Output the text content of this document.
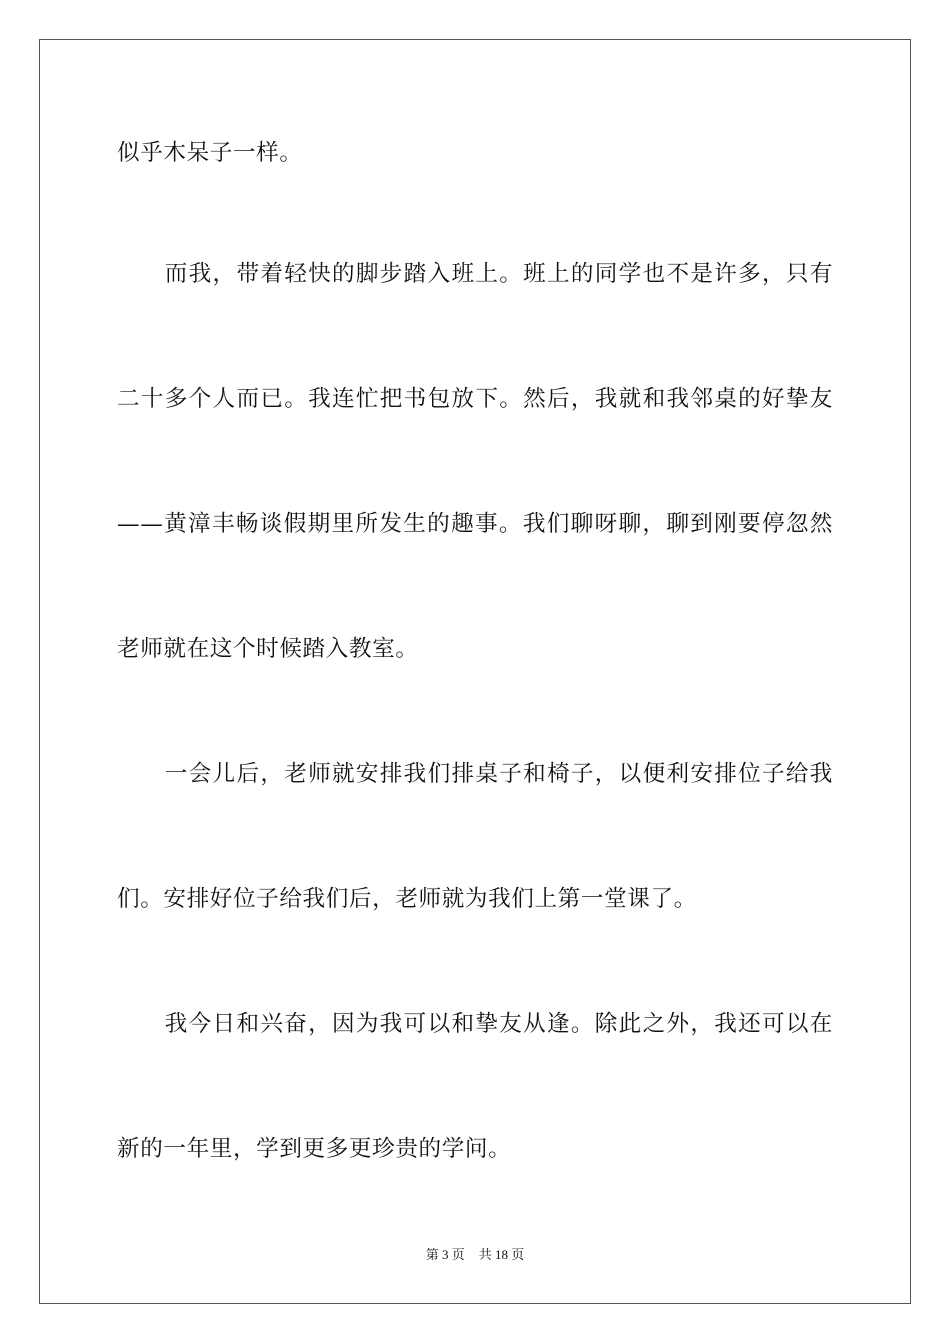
似乎木呆子一样。
　　而我，带着轻快的脚步踏入班上。班上的同学也不是许多，只有
二十多个人而已。我连忙把书包放下。然后，我就和我邻桌的好挚友
——黄漳丰畅谈假期里所发生的趣事。我们聊呀聊，聊到刚要停忽然
老师就在这个时候踏入教室。
　　一会儿后，老师就安排我们排桌子和椅子，以便利安排位子给我
们。安排好位子给我们后，老师就为我们上第一堂课了。
　　我今日和兴奋，因为我可以和挚友从逢。除此之外，我还可以在
新的一年里，学到更多更珍贵的学问。
第 3 页 共 18 页
